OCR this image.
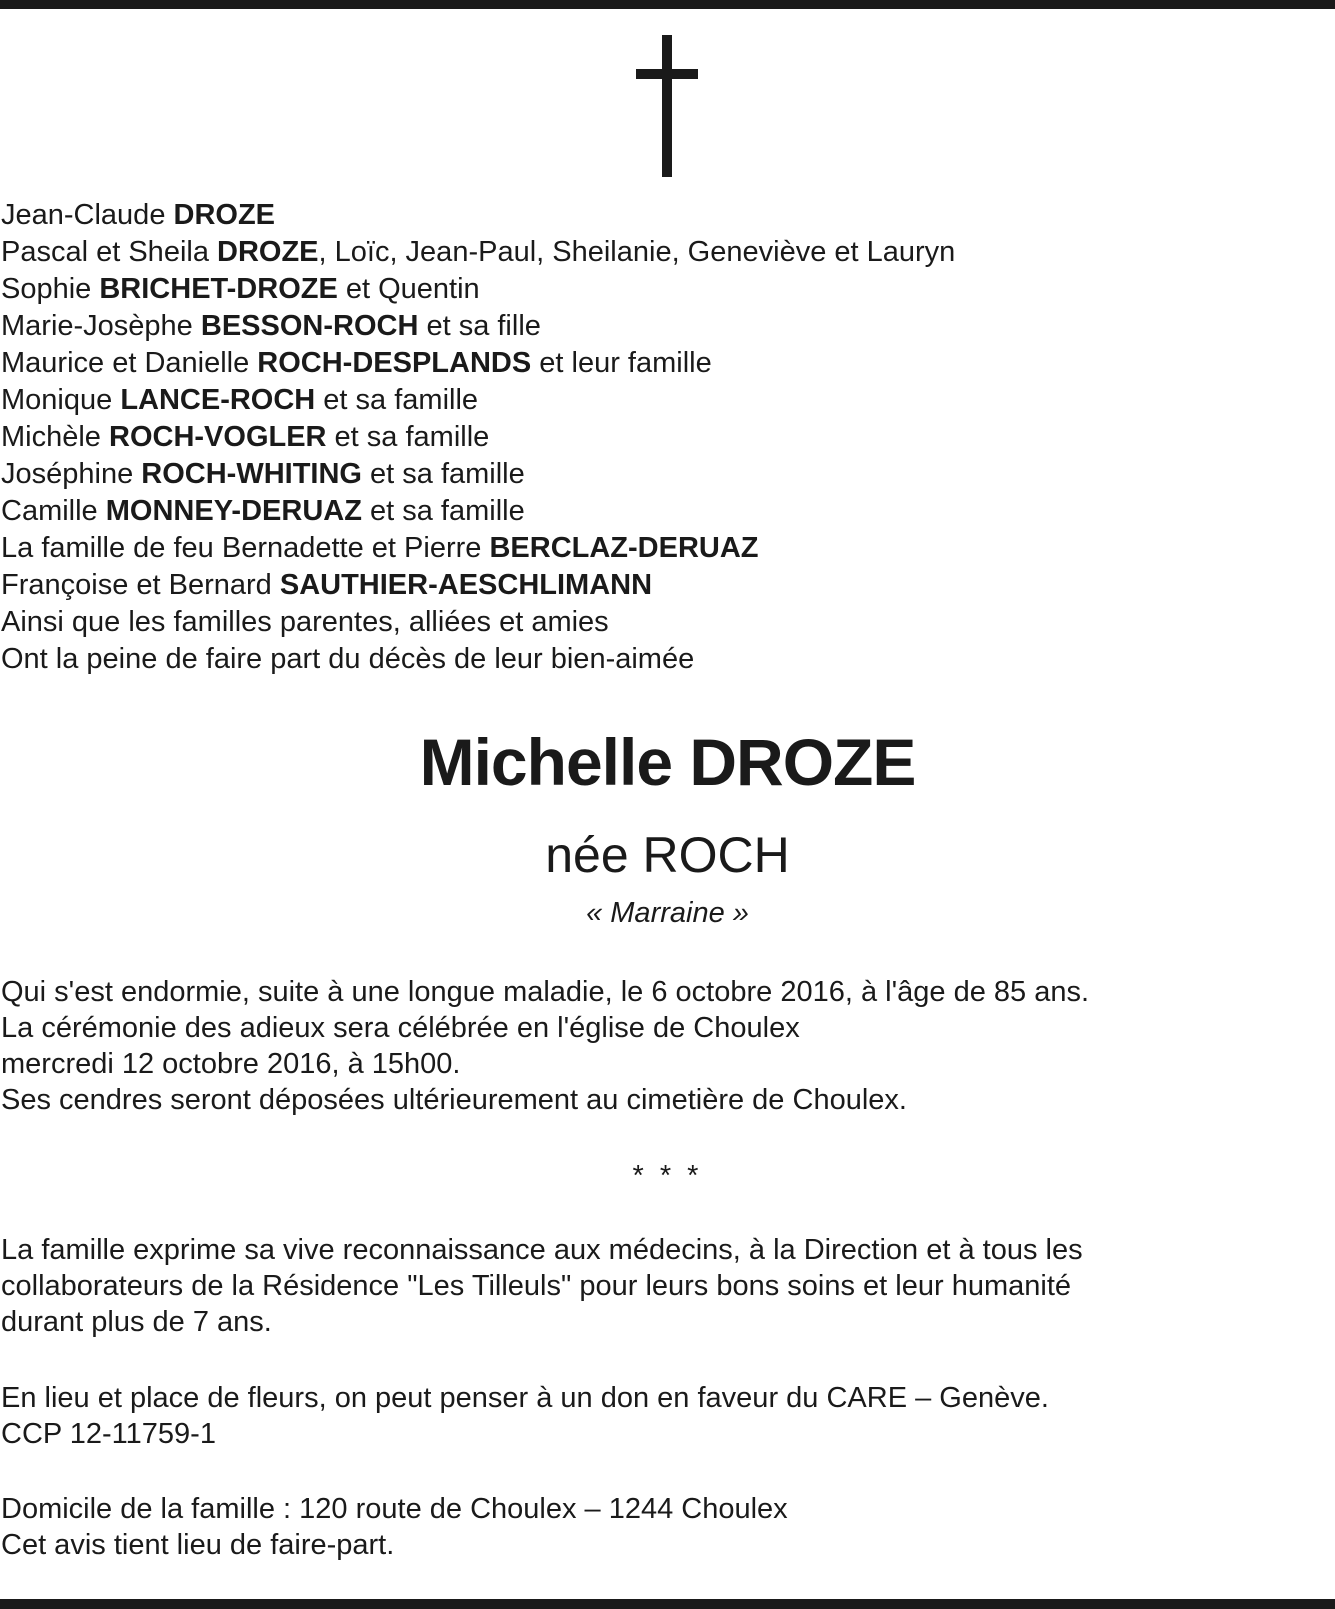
Jean-Claude DROZE
Pascal et Sheila DROZE, Loïc, Jean-Paul, Sheilanie, Geneviève et Lauryn
Sophie BRICHET-DROZE et Quentin
Marie-Josèphe BESSON-ROCH et sa fille
Maurice et Danielle ROCH-DESPLANDS et leur famille
Monique LANCE-ROCH et sa famille
Michèle ROCH-VOGLER et sa famille
Joséphine ROCH-WHITING et sa famille
Camille MONNEY-DERUAZ et sa famille
La famille de feu Bernadette et Pierre BERCLAZ-DERUAZ
Françoise et Bernard SAUTHIER-AESCHLIMANN
Ainsi que les familles parentes, alliées et amies
Ont la peine de faire part du décès de leur bien-aimée
Michelle DROZE
née ROCH
« Marraine »

Qui s'est endormie, suite à une longue maladie, le 6 octobre 2016, à l'âge de 85 ans.
La cérémonie des adieux sera célébrée en l'église de Choulex
mercredi 12 octobre 2016, à 15h00.
Ses cendres seront déposées ultérieurement au cimetière de Choulex.

* * *

La famille exprime sa vive reconnaissance aux médecins, à la Direction et à tous les
collaborateurs de la Résidence "Les Tilleuls" pour leurs bons soins et leur humanité
durant plus de 7 ans.

En lieu et place de fleurs, on peut penser à un don en faveur du CARE – Genève.
CCP 12-11759-1

Domicile de la famille : 120 route de Choulex – 1244 Choulex
Cet avis tient lieu de faire-part.
